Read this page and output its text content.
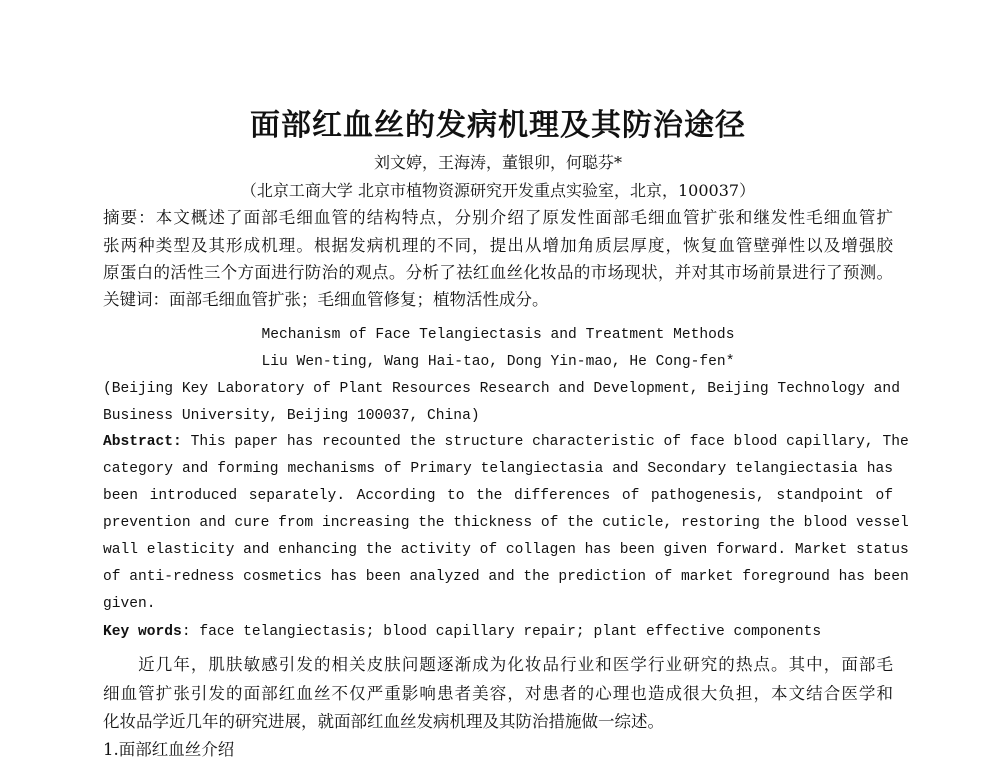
面部红血丝的发病机理及其防治途径
刘文婷，王海涛，董银卯，何聪芬*
（北京工商大学 北京市植物资源研究开发重点实验室，北京，100037）
摘要：本文概述了面部毛细血管的结构特点，分别介绍了原发性面部毛细血管扩张和继发性毛细血管扩
张两种类型及其形成机理。根据发病机理的不同，提出从增加角质层厚度，恢复血管壁弹性以及增强胶
原蛋白的活性三个方面进行防治的观点。分析了祛红血丝化妆品的市场现状，并对其市场前景进行了预测。
关键词：面部毛细血管扩张；毛细血管修复；植物活性成分。
Mechanism of Face Telangiectasis and Treatment Methods
Liu Wen-ting, Wang Hai-tao, Dong Yin-mao, He Cong-fen*
(Beijing Key Laboratory of Plant Resources Research and Development, Beijing Technology and
Business University, Beijing 100037, China)
Abstract: This paper has recounted the structure characteristic of face blood capillary, The
category and forming mechanisms of Primary telangiectasia and Secondary telangiectasia has
been introduced separately. According to the differences of pathogenesis, standpoint of
prevention and cure from increasing the thickness of the cuticle, restoring the blood vessel
wall elasticity and enhancing the activity of collagen has been given forward. Market status
of anti-redness cosmetics has been analyzed and the prediction of market foreground has been
given.
Key words: face telangiectasis; blood capillary repair; plant effective components
　　近几年，肌肤敏感引发的相关皮肤问题逐渐成为化妆品行业和医学行业研究的热点。其中，面部毛
细血管扩张引发的面部红血丝不仅严重影响患者美容，对患者的心理也造成很大负担，本文结合医学和
化妆品学近几年的研究进展，就面部红血丝发病机理及其防治措施做一综述。
1.面部红血丝介绍
